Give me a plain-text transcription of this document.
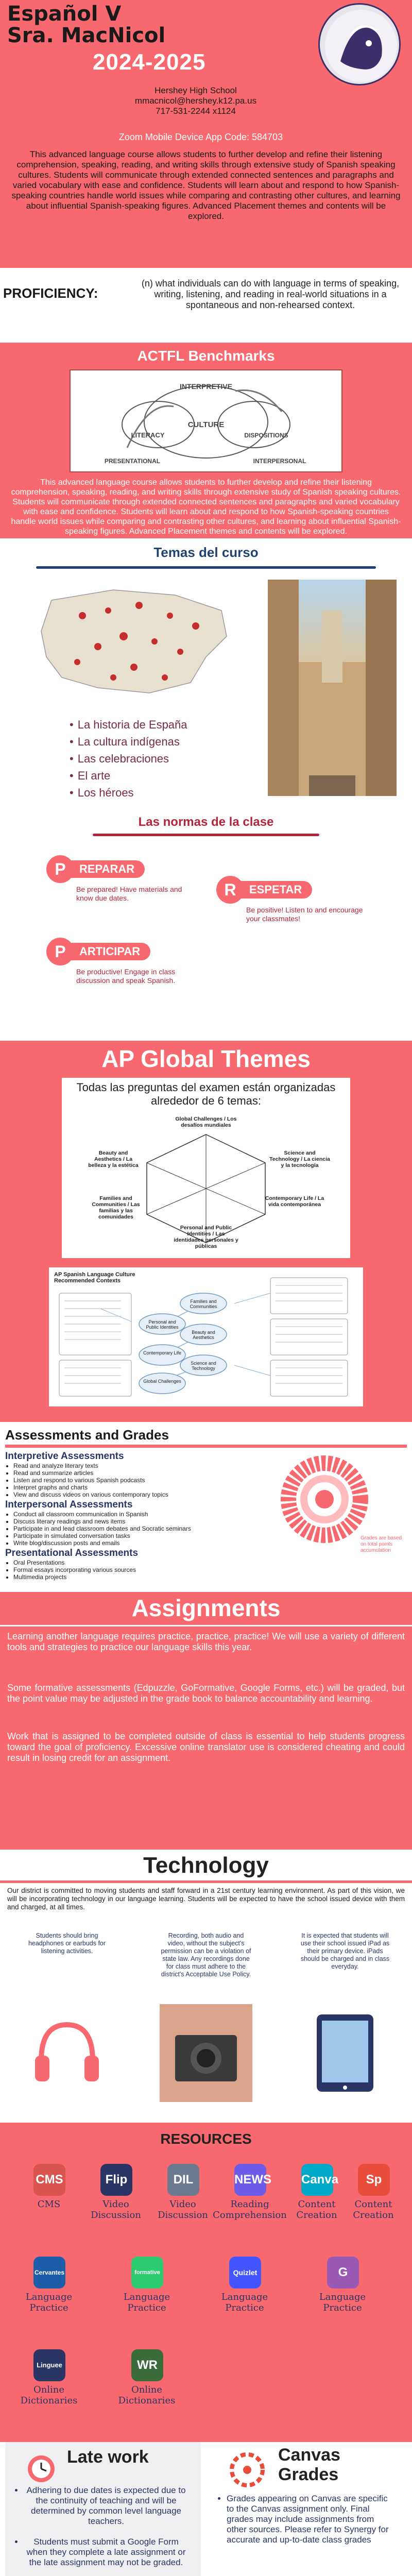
Español V
Sra. MacNicol
2024-2025
Hershey High School
mmacnicol@hershey.k12.pa.us
717-531-2244 x1124
Zoom Mobile Device App Code: 584703
This advanced language course allows students to further develop and refine their listening comprehension, speaking, reading, and writing skills through extensive study of Spanish speaking cultures. Students will communicate through extended connected sentences and paragraphs and varied vocabulary with ease and confidence. Students will learn about and respond to how Spanish-speaking countries handle world issues while comparing and contrasting other cultures, and learning about influential Spanish-speaking figures. Advanced Placement themes and contents will be explored.
PROFICIENCY:
(n) what individuals can do with language in terms of speaking, writing, listening, and reading in real-world situations in a spontaneous and non-rehearsed context.
ACTFL Benchmarks
INTERPRETIVE
CULTURE
LITERACY	DISPOSITIONS
PRESENTATIONAL	INTERPERSONAL
This advanced language course allows students to further develop and refine their listening comprehension, speaking, reading, and writing skills through extensive study of Spanish speaking cultures. Students will communicate through extended connected sentences and paragraphs and varied vocabulary with ease and confidence. Students will learn about and respond to how Spanish-speaking countries handle world issues while comparing and contrasting other cultures, and learning about influential Spanish-speaking figures. Advanced Placement themes and contents will be explored.
Temas del curso
• La historia de España
• La cultura indígenas
• Las celebraciones
• El arte
• Los héroes
Las normas de la clase
REPARAR
P
Be prepared! Have materials and know due dates.
ESPETAR
R
Be positive! Listen to and encourage your classmates!
ARTICIPAR
P
Be productive! Engage in class discussion and speak Spanish.
AP Global Themes
Todas las preguntas del examen están organizadas alrededor de 6 temas:
Global Challenges / Los desafíos mundiales
Science and Technology / La ciencia y la tecnología
Contemporary Life / La vida contemporánea
Personal and Public Identities / Las identidades personales y públicas
Families and Communities / Las familias y las comunidades
Beauty and Aesthetics / La belleza y la estética
AP Spanish Language Culture Recommended Contexts
Personal and Public Identities
Families and Communities
Beauty and Aesthetics
Contemporary Life
Science and Technology
Global Challenges
Assessments and Grades
Interpretive Assessments
• Read and analyze literary texts
• Read and summarize articles
• Listen and respond to various Spanish podcasts
• Interpret graphs and charts
• View and discuss videos on various contemporary topics
Interpersonal Assessments
• Conduct all classroom communication in Spanish
• Discuss literary readings and news items
• Participate in and lead classroom debates and Socratic seminars
• Participate in simulated conversation tasks
• Write blog/discussion posts and emails
Presentational Assessments
• Oral Presentations
• Formal essays incorporating various sources
• Multimedia projects
Grades are based on total points accumulation
Assignments
Learning another language requires practice, practice, practice! We will use a variety of different tools and strategies to practice our language skills this year.
Some formative assessments (Edpuzzle, GoFormative, Google Forms, etc.) will be graded, but the point value may be adjusted in the grade book to balance accountability and learning.
Work that is assigned to be completed outside of class is essential to help students progress toward the goal of proficiency. Excessive online translator use is considered cheating and could result in losing credit for an assignment.
Technology
Our district is committed to moving students and staff forward in a 21st century learning environment. As part of this vision, we will be incorporating technology in our language learning. Students will be expected to have the school issued device with them and charged, at all times.
Students should bring headphones or earbuds for listening activities.
Recording, both audio and video, without the subject's permission can be a violation of state law. Any recordings done for class must adhere to the district's Acceptable Use Policy.
It is expected that students will use their school issued iPad as their primary device. iPads should be charged and in class everyday.
RESOURCES
CMS
CMS
Flip
Video Discussion
DIL
Video Discussion
NEWS
Reading Comprehension
Canva
Content Creation
Sp
Content Creation
Cervantes
Language Practice
formative
Language Practice
Quizlet
Language Practice
G
Language Practice
Linguee
Online Dictionaries
WR
Online Dictionaries
Late work
• Adhering to due dates is expected due to the continuity of teaching and will be determined by common level language teachers.
• Students must submit a Google Form when they complete a late assignment or the late assignment may not be graded.
Canvas
Grades
• Grades appearing on Canvas are specific to the Canvas assignment only. Final grades may include assignments from other sources. Please refer to Synergy for accurate and up-to-date class grades
